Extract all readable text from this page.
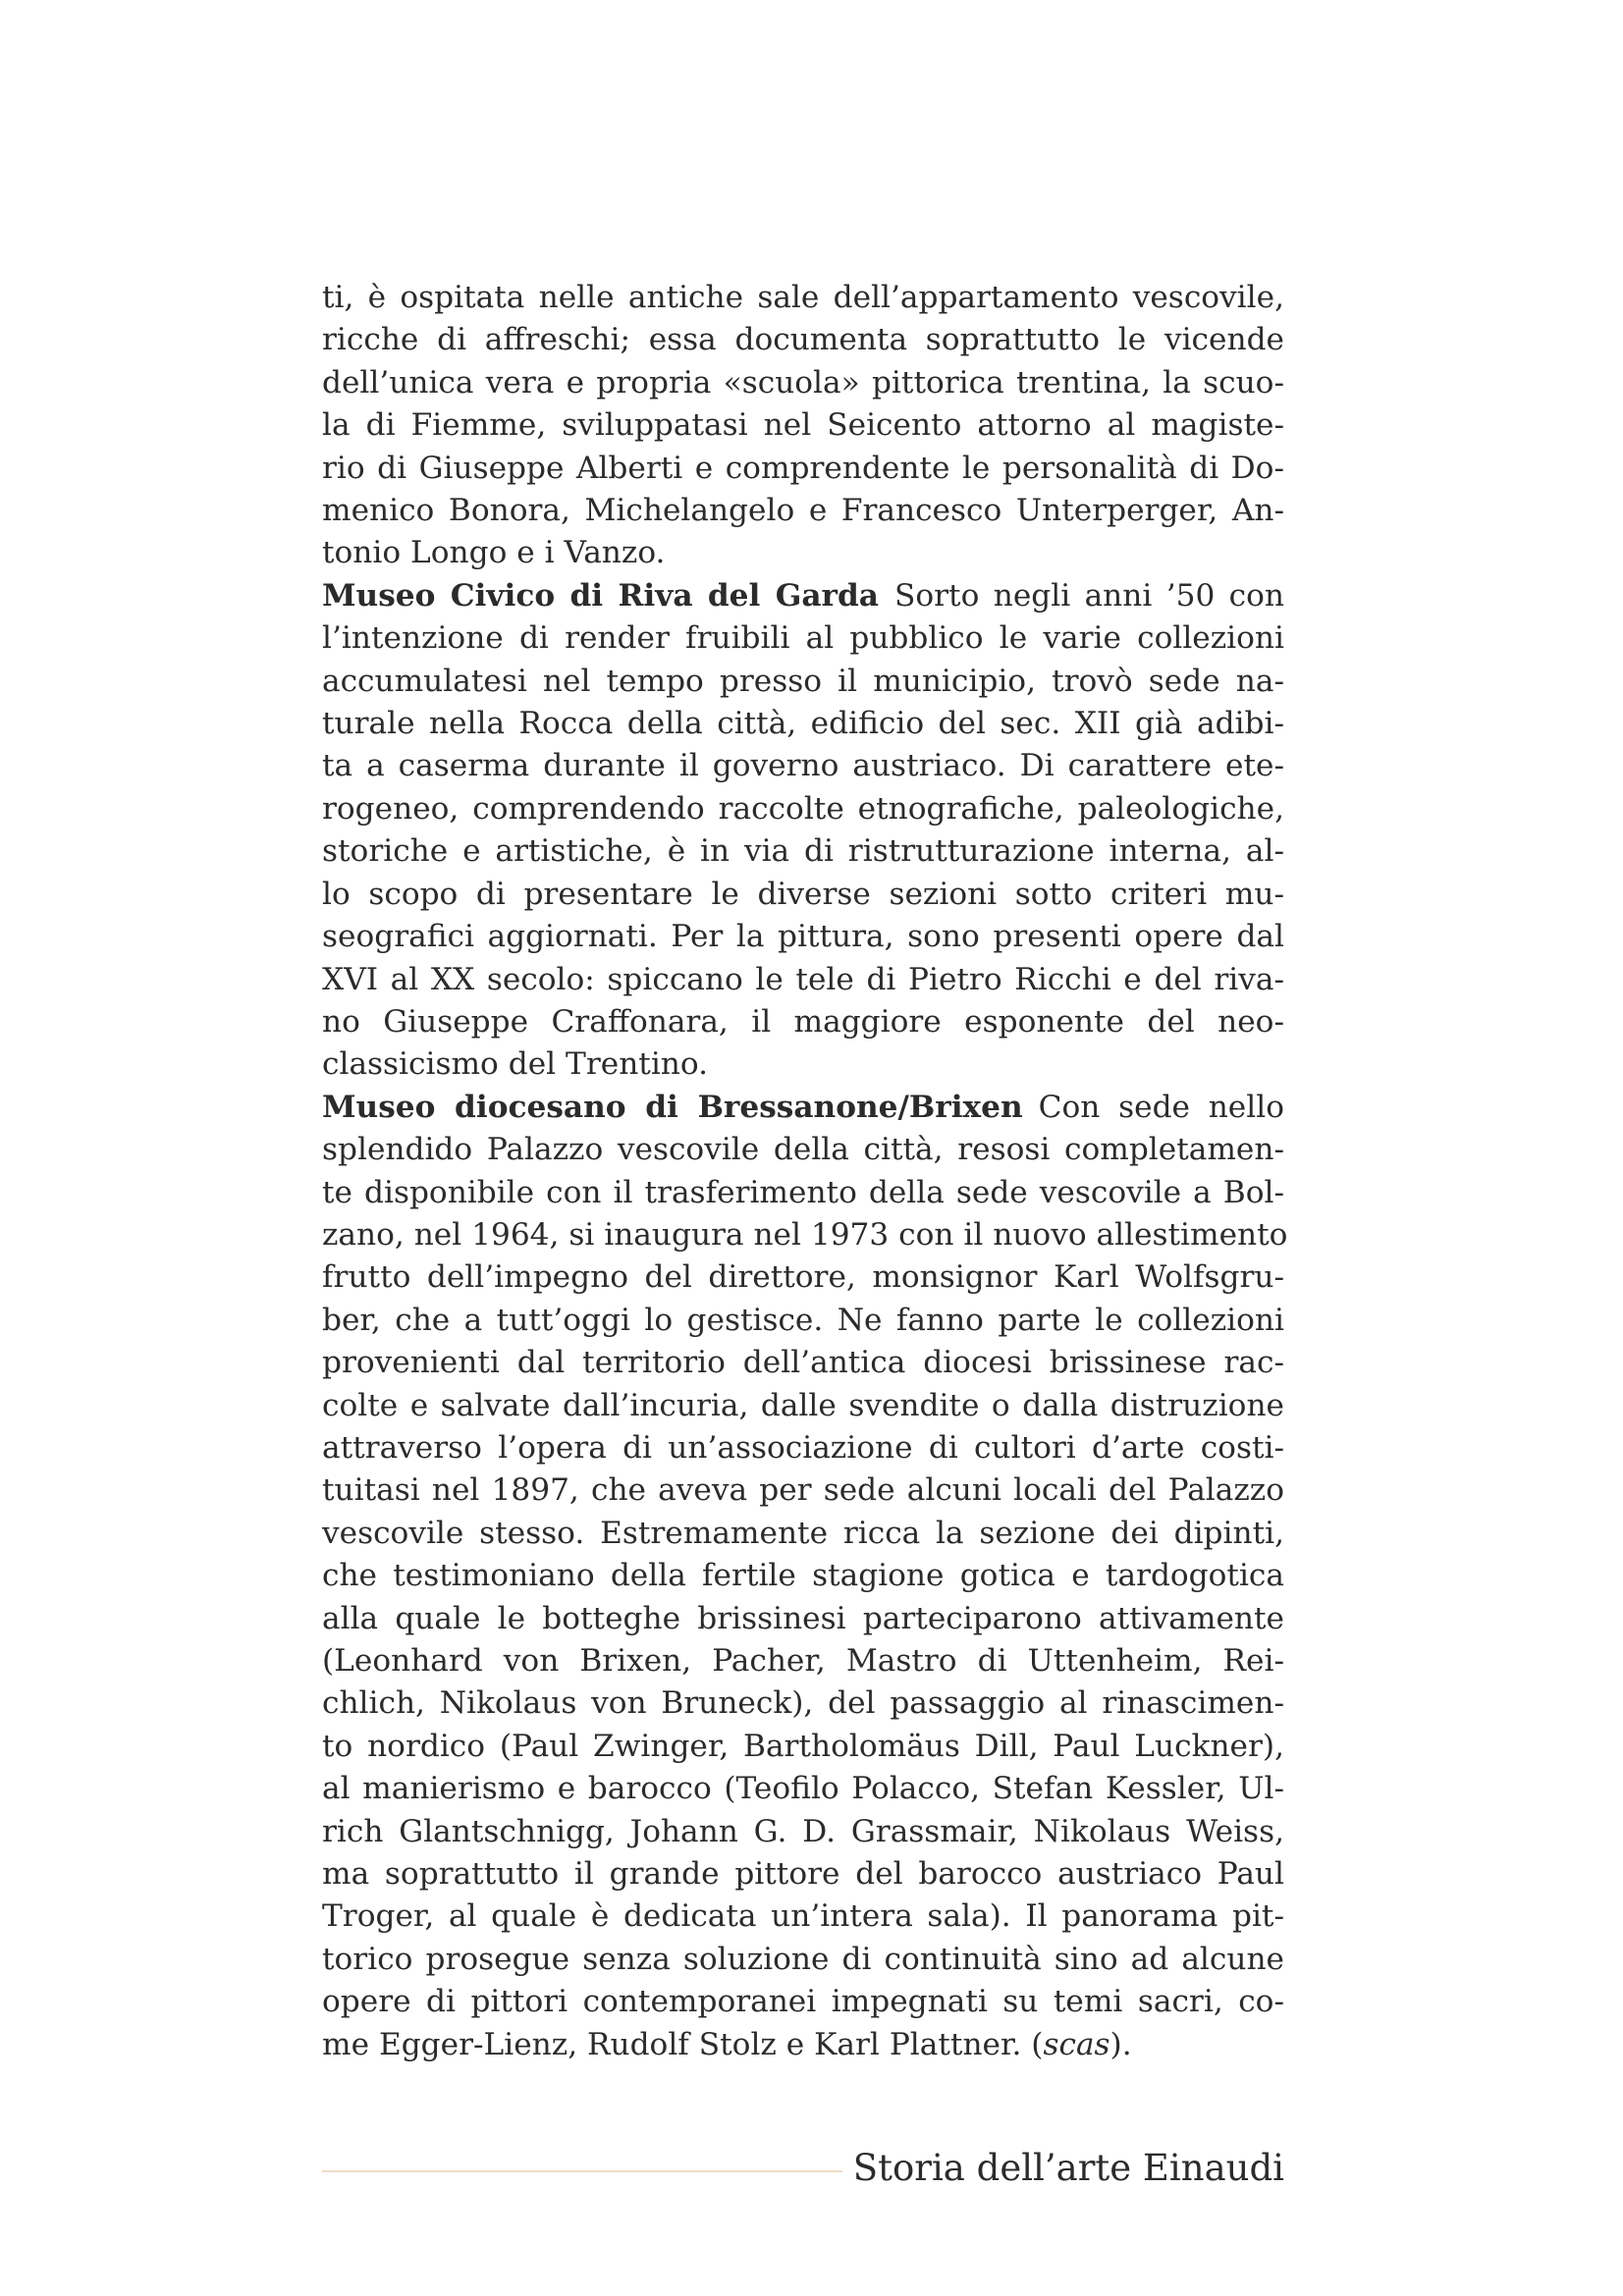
ti, è ospitata nelle antiche sale dell’appartamento vescovile,
ricche di affreschi; essa documenta soprattutto le vicende
dell’unica vera e propria «scuola» pittorica trentina, la scuo-
la di Fiemme, sviluppatasi nel Seicento attorno al magiste-
rio di Giuseppe Alberti e comprendente le personalità di Do-
menico Bonora, Michelangelo e Francesco Unterperger, An-
tonio Longo e i Vanzo.
Museo Civico di Riva del Garda Sorto negli anni ’50 con
l’intenzione di render fruibili al pubblico le varie collezioni
accumulatesi nel tempo presso il municipio, trovò sede na-
turale nella Rocca della città, edificio del sec. XII già adibi-
ta a caserma durante il governo austriaco. Di carattere ete-
rogeneo, comprendendo raccolte etnografiche, paleologiche,
storiche e artistiche, è in via di ristrutturazione interna, al-
lo scopo di presentare le diverse sezioni sotto criteri mu-
seografici aggiornati. Per la pittura, sono presenti opere dal
XVI al XX secolo: spiccano le tele di Pietro Ricchi e del riva-
no Giuseppe Craffonara, il maggiore esponente del neo-
classicismo del Trentino.
Museo diocesano di Bressanone/Brixen Con sede nello
splendido Palazzo vescovile della città, resosi completamen-
te disponibile con il trasferimento della sede vescovile a Bol-
zano, nel 1964, si inaugura nel 1973 con il nuovo allestimento
frutto dell’impegno del direttore, monsignor Karl Wolfsgru-
ber, che a tutt’oggi lo gestisce. Ne fanno parte le collezioni
provenienti dal territorio dell’antica diocesi brissinese rac-
colte e salvate dall’incuria, dalle svendite o dalla distruzione
attraverso l’opera di un’associazione di cultori d’arte costi-
tuitasi nel 1897, che aveva per sede alcuni locali del Palazzo
vescovile stesso. Estremamente ricca la sezione dei dipinti,
che testimoniano della fertile stagione gotica e tardogotica
alla quale le botteghe brissinesi parteciparono attivamente
(Leonhard von Brixen, Pacher, Mastro di Uttenheim, Rei-
chlich, Nikolaus von Bruneck), del passaggio al rinascimen-
to nordico (Paul Zwinger, Bartholomäus Dill, Paul Luckner),
al manierismo e barocco (Teofilo Polacco, Stefan Kessler, Ul-
rich Glantschnigg, Johann G. D. Grassmair, Nikolaus Weiss,
ma soprattutto il grande pittore del barocco austriaco Paul
Troger, al quale è dedicata un’intera sala). Il panorama pit-
torico prosegue senza soluzione di continuità sino ad alcune
opere di pittori contemporanei impegnati su temi sacri, co-
me Egger-Lienz, Rudolf Stolz e Karl Plattner. (scas).
Storia dell’arte Einaudi
